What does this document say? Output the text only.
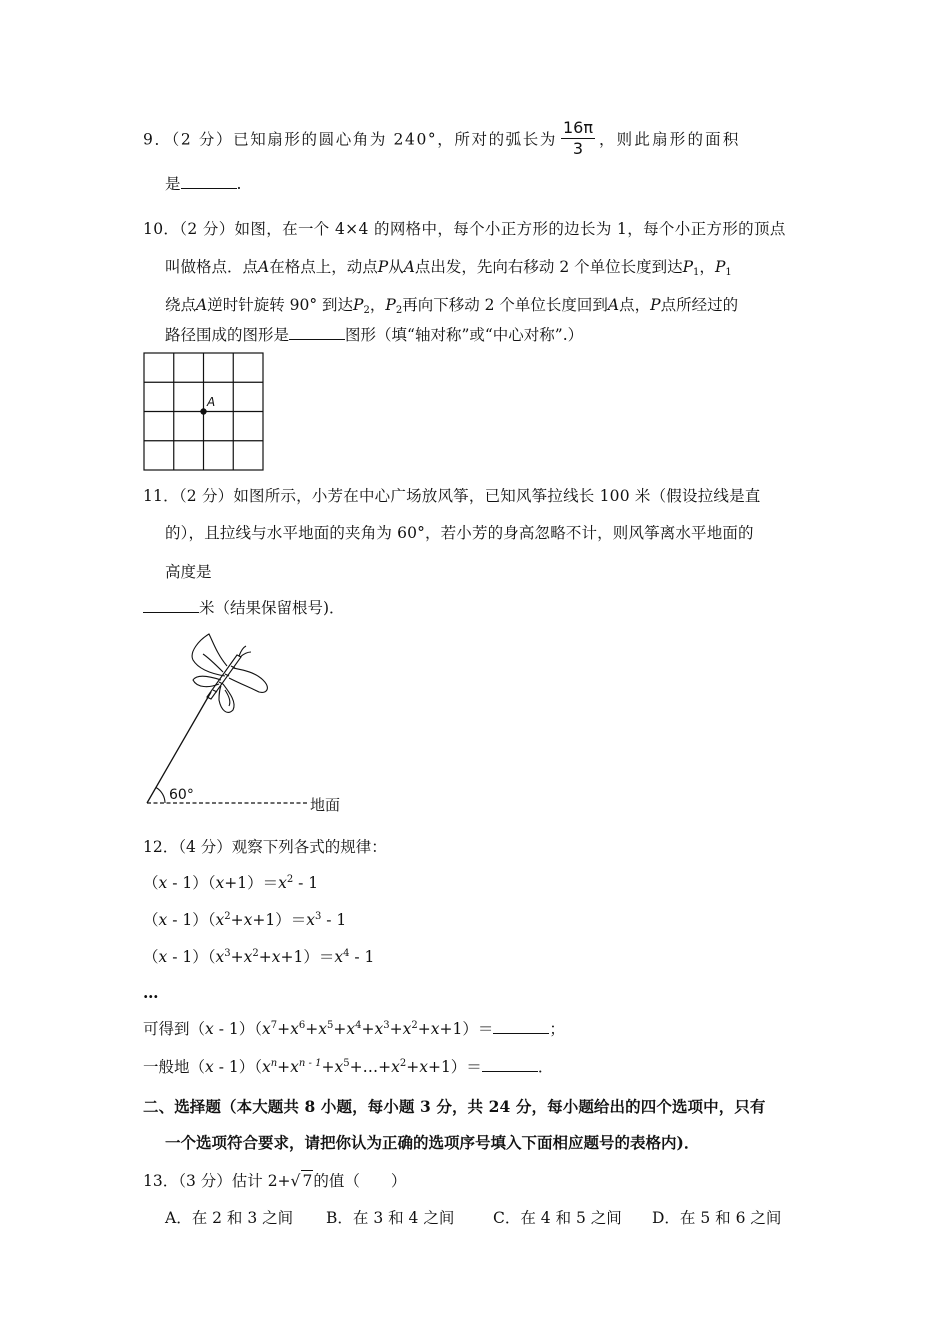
9．（2 分）已知扇形的圆心角为 240°，所对的弧长为 $\frac{16\pi}{3}$ ，则此扇形的面积
是	.
10．（2 分）如图，在一个 4×4 的网格中，每个小正方形的边长为 1，每个小正方形的顶点
叫做格点．点A在格点上，动点P从A点出发，先向右移动 2 个单位长度到达$P_1$，$P_1$
绕点A逆时针旋转 90° 到达$P_2$，$P_2$再向下移动 2 个单位长度回到A点，P点所经过的
路径围成的图形是	图形（填“轴对称”或“中心对称”.）
A
11．（2 分）如图所示，小芳在中心广场放风筝，已知风筝拉线长 100 米（假设拉线是直
的），且拉线与水平地面的夹角为 60°，若小芳的身高忽略不计，则风筝离水平地面的
高度是
米（结果保留根号)．
60°
地面
12．（4 分）观察下列各式的规律：
$(x - 1)(x+1)=x^2 - 1$
$(x - 1)(x^2+x+1)=x^3 - 1$
$(x - 1)(x^3+x^2+x+1)=x^4 - 1$
…
可得到$(x - 1)(x^7+x^6+x^5+x^4+x^3+x^2+x+1)=$	；
一般地$(x - 1)(x^n+x^{n - 1}+x^5+\dots+x^2+x+1)=$	．
二、选择题（本大题共 8 小题，每小题 3 分，共 24 分，每小题给出的四个选项中，只有
一个选项符合要求，请把你认为正确的选项序号填入下面相应题号的表格内)．
13．（3 分）估计 2+√ 7的值（　　）
A．在 2 和 3 之间 B．在 3 和 4 之间 C．在 4 和 5 之间 D．在 5 和 6 之间
